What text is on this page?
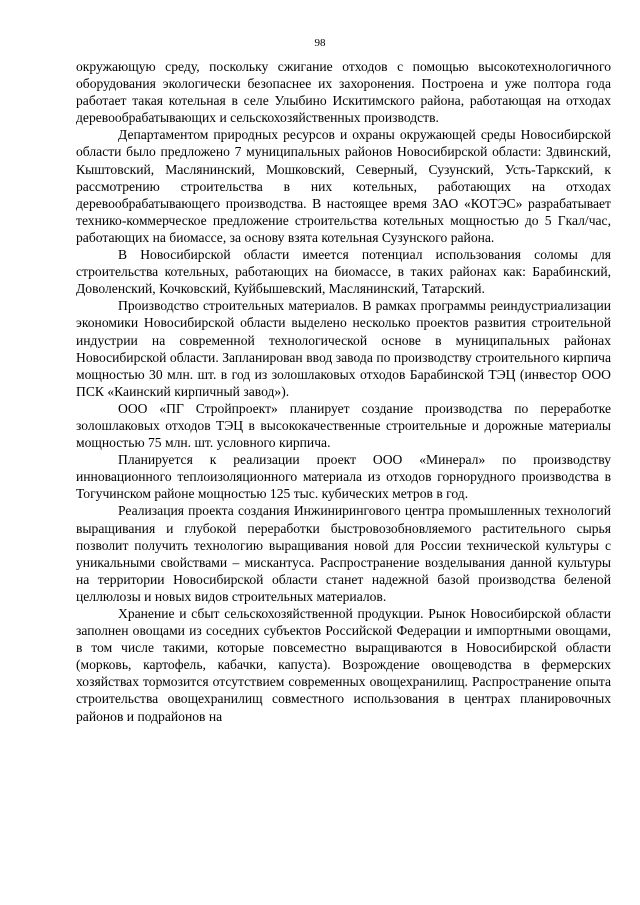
98

окружающую среду, поскольку сжигание отходов с помощью высокотехнологичного оборудования экологически безопаснее их захоронения. Построена и уже полтора года работает такая котельная в селе Улыбино Искитимского района, работающая на отходах деревообрабатывающих и сельскохозяйственных производств.

Департаментом природных ресурсов и охраны окружающей среды Новосибирской области было предложено 7 муниципальных районов Новосибирской области: Здвинский, Кыштовский, Маслянинский, Мошковский, Северный, Сузунский, Усть-Таркский, к рассмотрению строительства в них котельных, работающих на отходах деревообрабатывающего производства. В настоящее время ЗАО «КОТЭС» разрабатывает технико-коммерческое предложение строительства котельных мощностью до 5 Гкал/час, работающих на биомассе, за основу взята котельная Сузунского района.

В Новосибирской области имеется потенциал использования соломы для строительства котельных, работающих на биомассе, в таких районах как: Барабинский, Доволенский, Кочковский, Куйбышевский, Маслянинский, Татарский.

Производство строительных материалов. В рамках программы реиндустриализации экономики Новосибирской области выделено несколько проектов развития строительной индустрии на современной технологической основе в муниципальных районах Новосибирской области. Запланирован ввод завода по производству строительного кирпича мощностью 30 млн. шт. в год из золошлаковых отходов Барабинской ТЭЦ (инвестор ООО ПСК «Каинский кирпичный завод»).

ООО «ПГ Стройпроект» планирует создание производства по переработке золошлаковых отходов ТЭЦ в высококачественные строительные и дорожные материалы мощностью 75 млн. шт. условного кирпича.

Планируется к реализации проект ООО «Минерал» по производству инновационного теплоизоляционного материала из отходов горнорудного производства в Тогучинском районе мощностью 125 тыс. кубических метров в год.

Реализация проекта создания Инжинирингового центра промышленных технологий выращивания и глубокой переработки быстровозобновляемого растительного сырья позволит получить технологию выращивания новой для России технической культуры с уникальными свойствами – мискантуса. Распространение возделывания данной культуры на территории Новосибирской области станет надежной базой производства беленой целлюлозы и новых видов строительных материалов.

Хранение и сбыт сельскохозяйственной продукции. Рынок Новосибирской области заполнен овощами из соседних субъектов Российской Федерации и импортными овощами, в том числе такими, которые повсеместно выращиваются в Новосибирской области (морковь, картофель, кабачки, капуста). Возрождение овощеводства в фермерских хозяйствах тормозится отсутствием современных овощехранилищ. Распространение опыта строительства овощехранилищ совместного использования в центрах планировочных районов и подрайонов на
